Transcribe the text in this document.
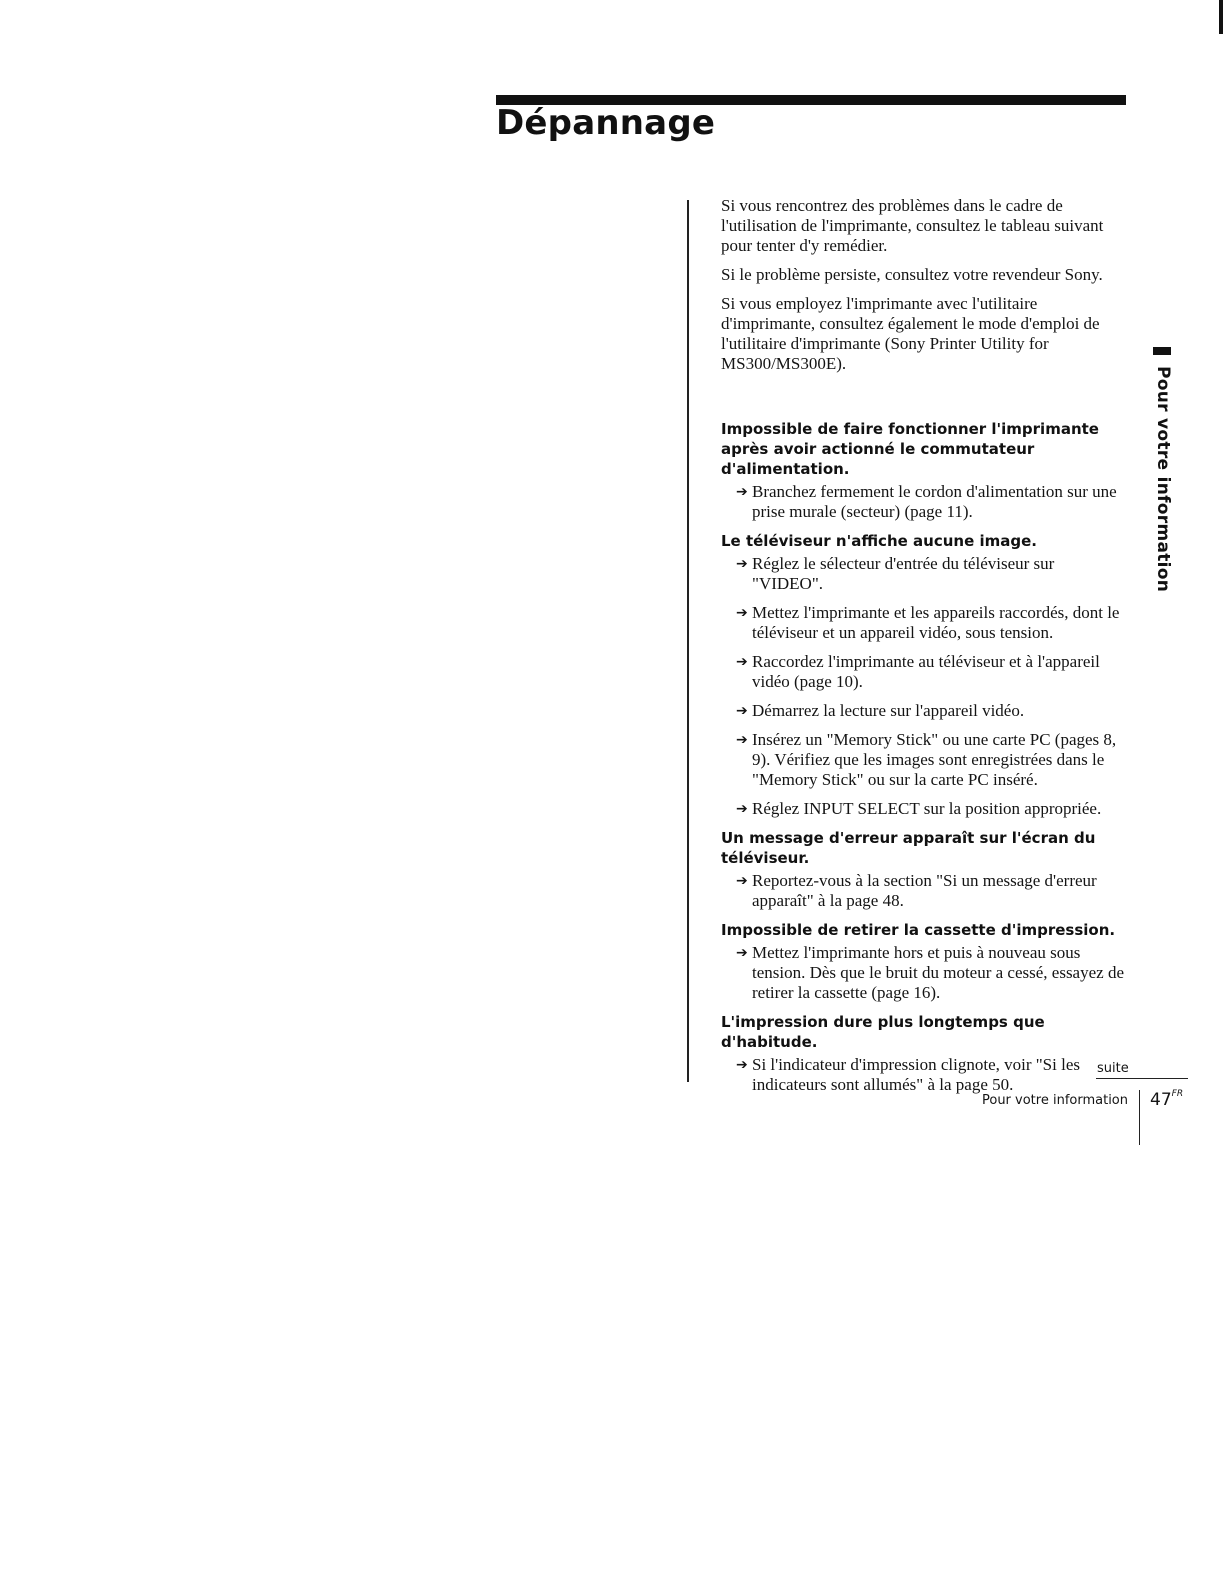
Dépannage

Si vous rencontrez des problèmes dans le cadre de l'utilisation de l'imprimante, consultez le tableau suivant pour tenter d'y remédier.

Si le problème persiste, consultez votre revendeur Sony.

Si vous employez l'imprimante avec l'utilitaire d'imprimante, consultez également le mode d'emploi de l'utilitaire d'imprimante (Sony Printer Utility for MS300/MS300E).

Impossible de faire fonctionner l'imprimante après avoir actionné le commutateur d'alimentation.
➔ Branchez fermement le cordon d'alimentation sur une prise murale (secteur) (page 11).
Le téléviseur n'affiche aucune image.
➔ Réglez le sélecteur d'entrée du téléviseur sur "VIDEO".
➔ Mettez l'imprimante et les appareils raccordés, dont le téléviseur et un appareil vidéo, sous tension.
➔ Raccordez l'imprimante au téléviseur et à l'appareil vidéo (page 10).
➔ Démarrez la lecture sur l'appareil vidéo.
➔ Insérez un "Memory Stick" ou une carte PC (pages 8, 9). Vérifiez que les images sont enregistrées dans le "Memory Stick" ou sur la carte PC inséré.
➔ Réglez INPUT SELECT sur la position appropriée.
Un message d'erreur apparaît sur l'écran du téléviseur.
➔ Reportez-vous à la section "Si un message d'erreur apparaît" à la page 48.
Impossible de retirer la cassette d'impression.
➔ Mettez l'imprimante hors et puis à nouveau sous tension. Dès que le bruit du moteur a cessé, essayez de retirer la cassette (page 16).
L'impression dure plus longtemps que d'habitude.
➔ Si l'indicateur d'impression clignote, voir "Si les indicateurs sont allumés" à la page 50.
suite
Pour votre information $47^{FR}$
Pour votre information
